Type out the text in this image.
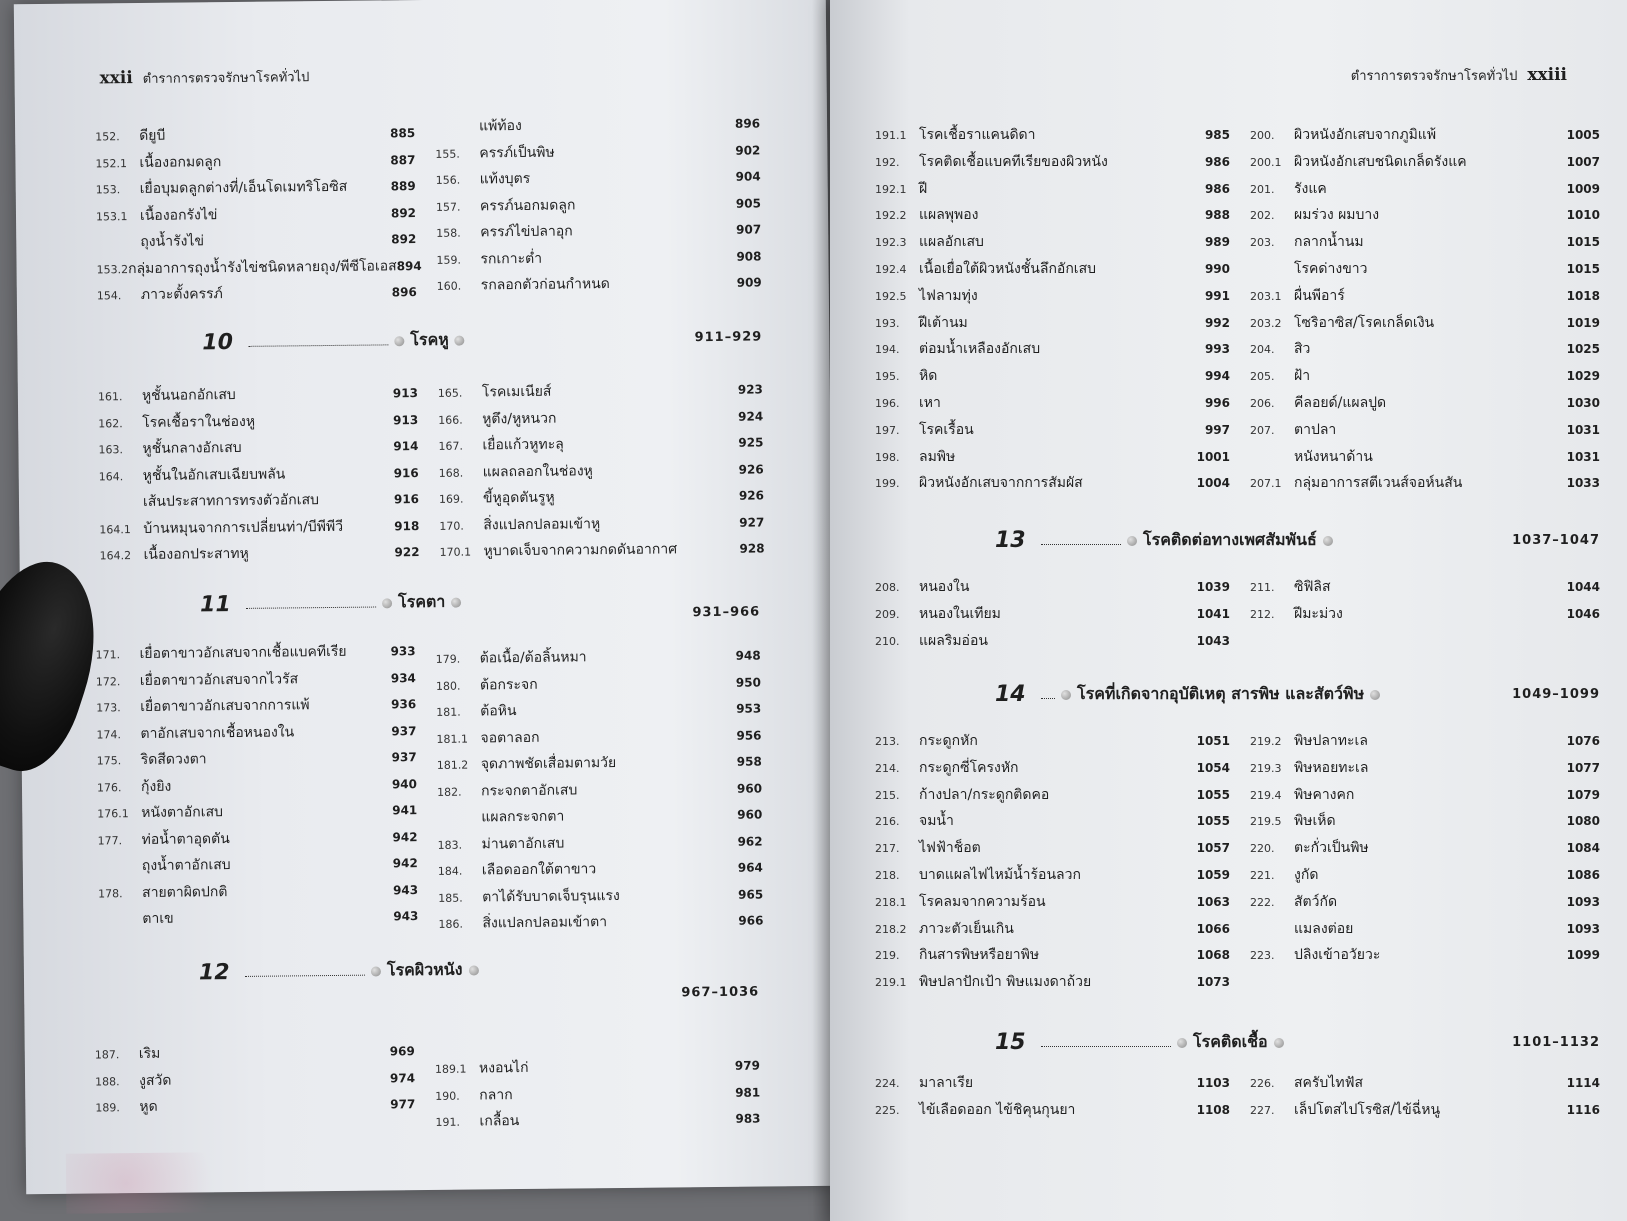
xxii ตำราการตรวจรักษาโรคทั่วไป
152.	ดียูบี	885
152.1 เนื้องอกมดลูก	887
153.	เยื่อบุมดลูกต่างที่/เอ็นโดเมทริโอซิส	889
153.1 เนื้องอกรังไข่	892
ถุงน้ำรังไข่	892
153.2 กลุ่มอาการถุงน้ำรังไข่ชนิดหลายถุง/พีซีโอเอส 894
154.	ภาวะตั้งครรภ์	896
แพ้ท้อง	896
155.	ครรภ์เป็นพิษ	902
156.	แท้งบุตร	904
157.	ครรภ์นอกมดลูก	905
158.	ครรภ์ไข่ปลาอุก	907
159.	รกเกาะต่ำ	908
160.	รกลอกตัวก่อนกำหนด	909
10	โรคหู	911–929
161.	หูชั้นนอกอักเสบ	913
162.	โรคเชื้อราในช่องหู	913
163.	หูชั้นกลางอักเสบ	914
164.	หูชั้นในอักเสบเฉียบพลัน	916
เส้นประสาทการทรงตัวอักเสบ	916
164.1 บ้านหมุนจากการเปลี่ยนท่า/บีพีพีวี	918
164.2 เนื้องอกประสาทหู	922
165.	โรคเมเนียส์	923
166.	หูตึง/หูหนวก	924
167.	เยื่อแก้วหูทะลุ	925
168.	แผลถลอกในช่องหู	926
169.	ขี้หูอุดตันรูหู	926
170.	สิ่งแปลกปลอมเข้าหู	927
170.1 หูบาดเจ็บจากความกดดันอากาศ	928
11	โรคตา
931–966
171.	เยื่อตาขาวอักเสบจากเชื้อแบคทีเรีย	933
172.	เยื่อตาขาวอักเสบจากไวรัส	934
173.	เยื่อตาขาวอักเสบจากการแพ้	936
174.	ตาอักเสบจากเชื้อหนองใน	937
175.	ริดสีดวงตา	937
176.	กุ้งยิง	940
176.1 หนังตาอักเสบ	941
177.	ท่อน้ำตาอุดตัน	942
ถุงน้ำตาอักเสบ	942
178.	สายตาผิดปกติ	943
ตาเข	943
179.	ต้อเนื้อ/ต้อลิ้นหมา	948
180.	ต้อกระจก	950
181.	ต้อหิน	953
181.1 จอตาลอก	956
181.2 จุดภาพชัดเสื่อมตามวัย	958
182.	กระจกตาอักเสบ	960
แผลกระจกตา	960
183.	ม่านตาอักเสบ	962
184.	เลือดออกใต้ตาขาว	964
185.	ตาได้รับบาดเจ็บรุนแรง	965
186.	สิ่งแปลกปลอมเข้าตา	966
12	โรคผิวหนัง
967–1036
187.	เริม	969
188.	งูสวัด	974
189.	หูด	977
189.1 หงอนไก่	979
190.	กลาก	981
191.	เกลื้อน	983
ตำราการตรวจรักษาโรคทั่วไป xxiii
191.1 โรคเชื้อราแคนดิดา	985
192.	โรคติดเชื้อแบคทีเรียของผิวหนัง	986
192.1 ฝี	986
192.2 แผลพุพอง	988
192.3 แผลอักเสบ	989
192.4 เนื้อเยื่อใต้ผิวหนังชั้นลึกอักเสบ	990
192.5 ไฟลามทุ่ง	991
193.	ฝีเต้านม	992
194.	ต่อมน้ำเหลืองอักเสบ	993
195.	หิด	994
196.	เหา	996
197.	โรคเรื้อน	997
198.	ลมพิษ	1001
199.	ผิวหนังอักเสบจากการสัมผัส	1004
200.	ผิวหนังอักเสบจากภูมิแพ้	1005
200.1 ผิวหนังอักเสบชนิดเกล็ดรังแค	1007
201.	รังแค	1009
202.	ผมร่วง ผมบาง	1010
203.	กลากน้ำนม	1015
โรคด่างขาว	1015
203.1 ผื่นพีอาร์	1018
203.2 โซริอาซิส/โรคเกล็ดเงิน	1019
204.	สิว	1025
205.	ฝ้า	1029
206.	คีลอยด์/แผลปูด	1030
207.	ตาปลา	1031
หนังหนาด้าน	1031
207.1 กลุ่มอาการสตีเวนส์จอห์นสัน	1033
13	โรคติดต่อทางเพศสัมพันธ์	1037–1047
208.	หนองใน	1039
209.	หนองในเทียม	1041
210.	แผลริมอ่อน	1043
211.	ซิฟิลิส	1044
212.	ฝีมะม่วง	1046
14	โรคที่เกิดจากอุบัติเหตุ สารพิษ และสัตว์พิษ	1049–1099
213.	กระดูกหัก	1051
214.	กระดูกซี่โครงหัก	1054
215.	ก้างปลา/กระดูกติดคอ	1055
216.	จมน้ำ	1055
217.	ไฟฟ้าช็อต	1057
218.	บาดแผลไฟไหม้น้ำร้อนลวก	1059
218.1 โรคลมจากความร้อน	1063
218.2 ภาวะตัวเย็นเกิน	1066
219.	กินสารพิษหรือยาพิษ	1068
219.1 พิษปลาปักเป้า พิษแมงดาถ้วย	1073
219.2 พิษปลาทะเล	1076
219.3 พิษหอยทะเล	1077
219.4 พิษคางคก	1079
219.5 พิษเห็ด	1080
220.	ตะกั่วเป็นพิษ	1084
221.	งูกัด	1086
222.	สัตว์กัด	1093
แมลงต่อย	1093
223.	ปลิงเข้าอวัยวะ	1099
15	โรคติดเชื้อ	1101–1132
224.	มาลาเรีย	1103
225.	ไข้เลือดออก ไข้ชิคุนกุนยา	1108
226.	สครับไทฟัส	1114
227.	เล็ปโตสไปโรซิส/ไข้ฉี่หนู	1116
